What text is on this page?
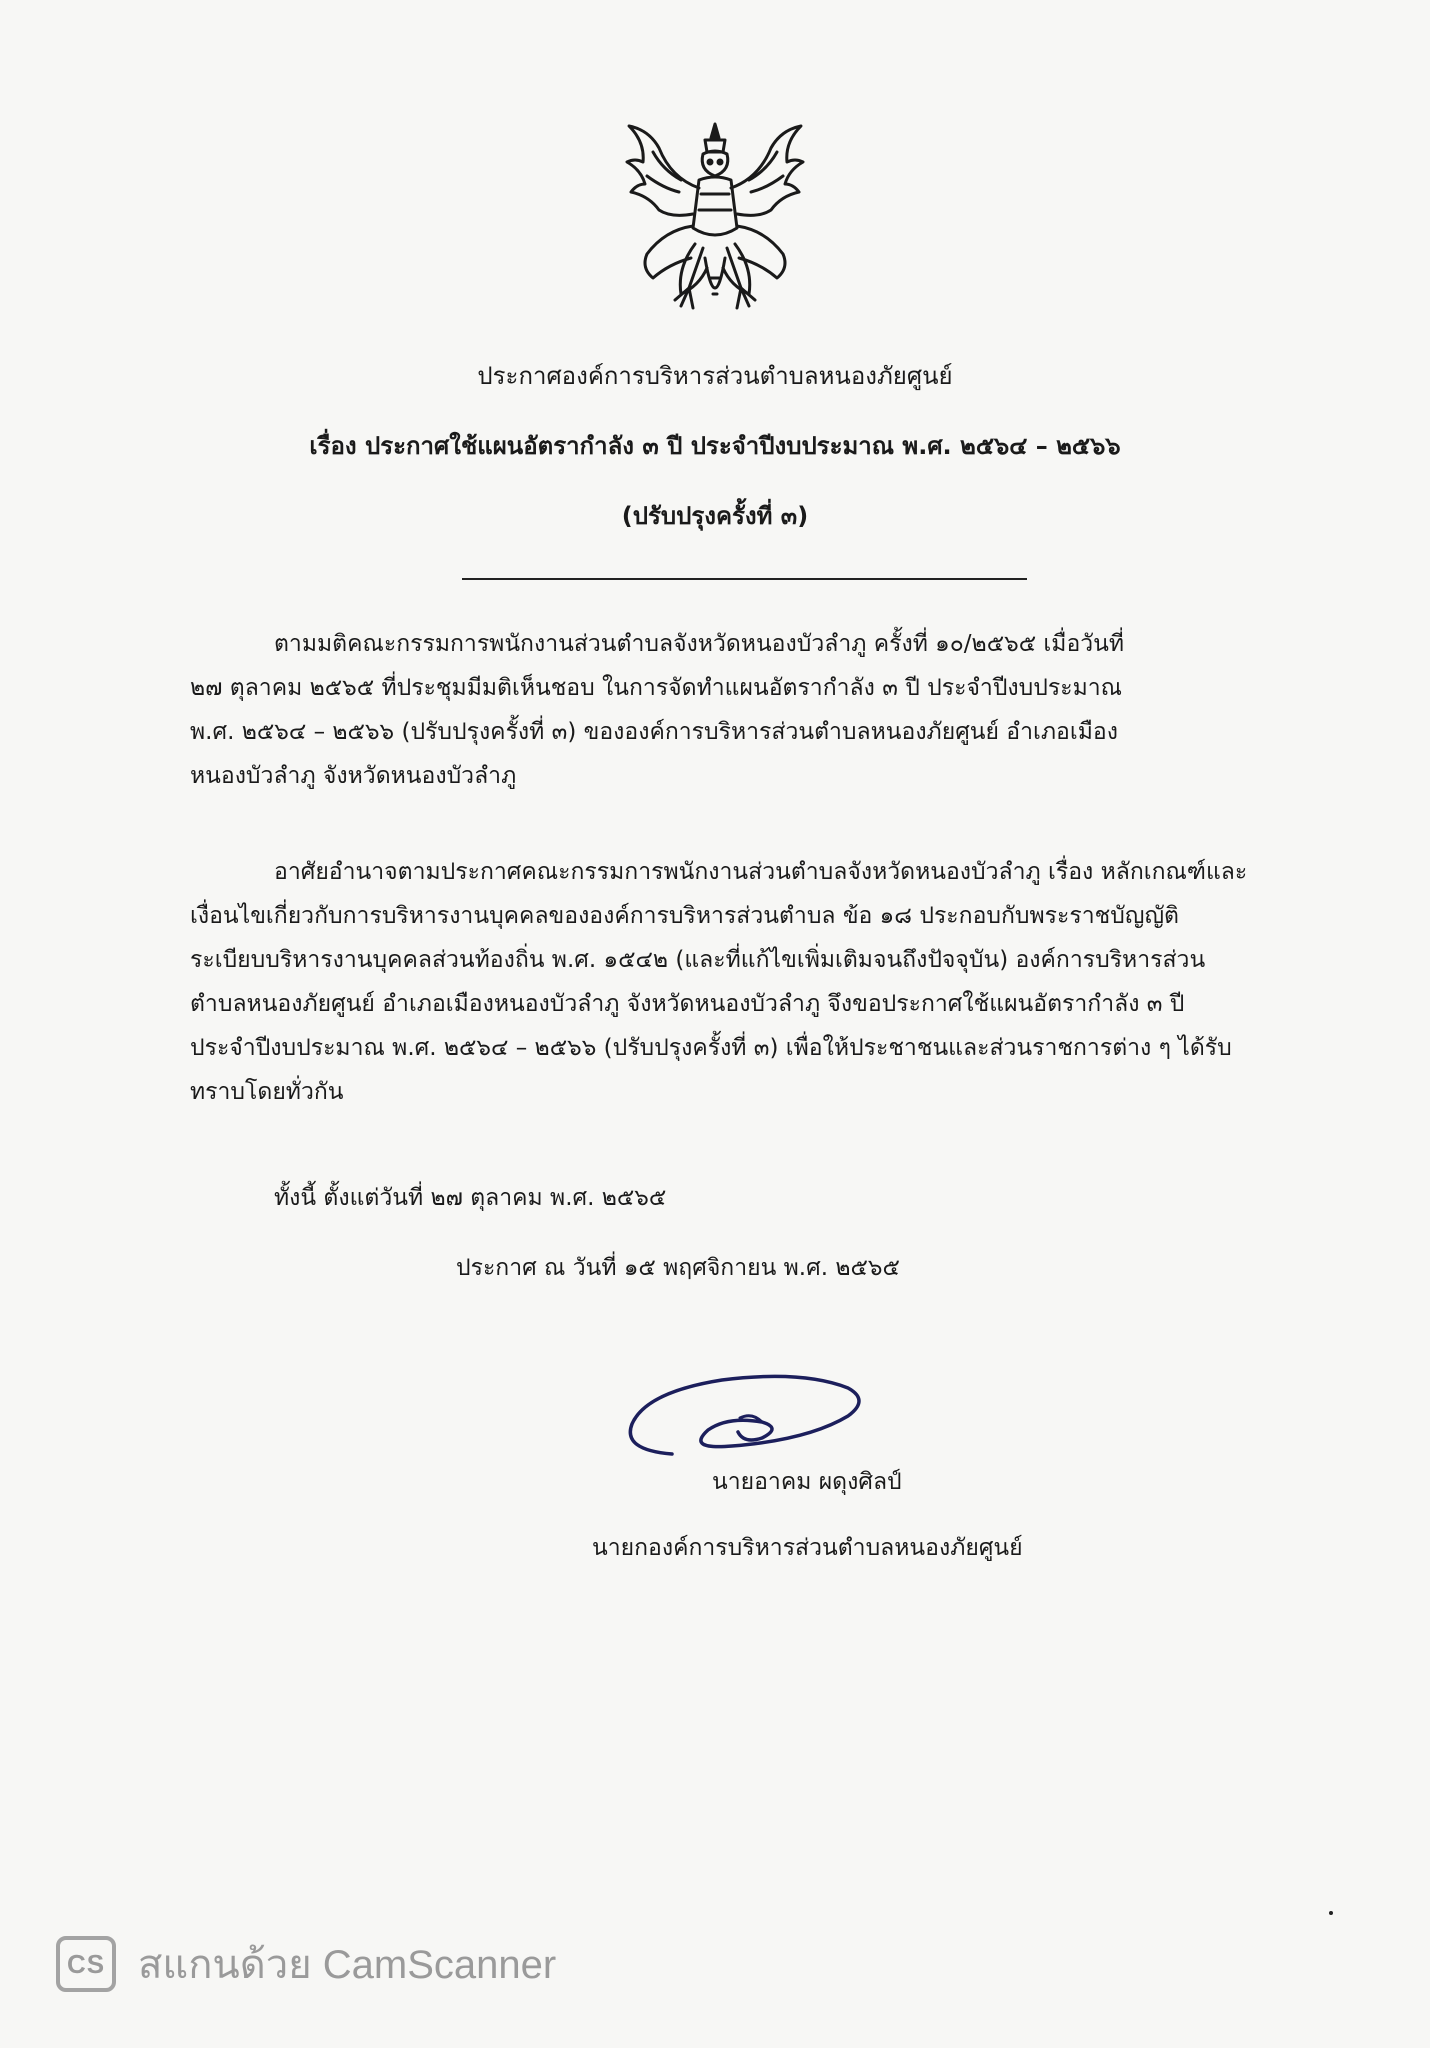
ประกาศองค์การบริหารส่วนตำบลหนองภัยศูนย์
เรื่อง ประกาศใช้แผนอัตรากำลัง ๓ ปี ประจำปีงบประมาณ พ.ศ. ๒๕๖๔ – ๒๕๖๖
(ปรับปรุงครั้งที่ ๓)

ตามมติคณะกรรมการพนักงานส่วนตำบลจังหวัดหนองบัวลำภู ครั้งที่ ๑๐/๒๕๖๕ เมื่อวันที่
๒๗ ตุลาคม ๒๕๖๕ ที่ประชุมมีมติเห็นชอบ ในการจัดทำแผนอัตรากำลัง ๓ ปี ประจำปีงบประมาณ
พ.ศ. ๒๕๖๔ – ๒๕๖๖ (ปรับปรุงครั้งที่ ๓) ขององค์การบริหารส่วนตำบลหนองภัยศูนย์ อำเภอเมือง
หนองบัวลำภู จังหวัดหนองบัวลำภู

อาศัยอำนาจตามประกาศคณะกรรมการพนักงานส่วนตำบลจังหวัดหนองบัวลำภู เรื่อง หลักเกณฑ์และ
เงื่อนไขเกี่ยวกับการบริหารงานบุคคลขององค์การบริหารส่วนตำบล ข้อ ๑๘ ประกอบกับพระราชบัญญัติ
ระเบียบบริหารงานบุคคลส่วนท้องถิ่น พ.ศ. ๑๕๔๒ (และที่แก้ไขเพิ่มเติมจนถึงปัจจุบัน) องค์การบริหารส่วน
ตำบลหนองภัยศูนย์ อำเภอเมืองหนองบัวลำภู จังหวัดหนองบัวลำภู จึงขอประกาศใช้แผนอัตรากำลัง ๓ ปี
ประจำปีงบประมาณ พ.ศ. ๒๕๖๔ – ๒๕๖๖ (ปรับปรุงครั้งที่ ๓) เพื่อให้ประชาชนและส่วนราชการต่าง ๆ ได้รับ
ทราบโดยทั่วกัน

ทั้งนี้ ตั้งแต่วันที่ ๒๗ ตุลาคม พ.ศ. ๒๕๖๕
ประกาศ ณ วันที่ ๑๕ พฤศจิกายน พ.ศ. ๒๕๖๕
นายอาคม ผดุงศิลป์
นายกองค์การบริหารส่วนตำบลหนองภัยศูนย์
CS สแกนด้วย CamScanner
